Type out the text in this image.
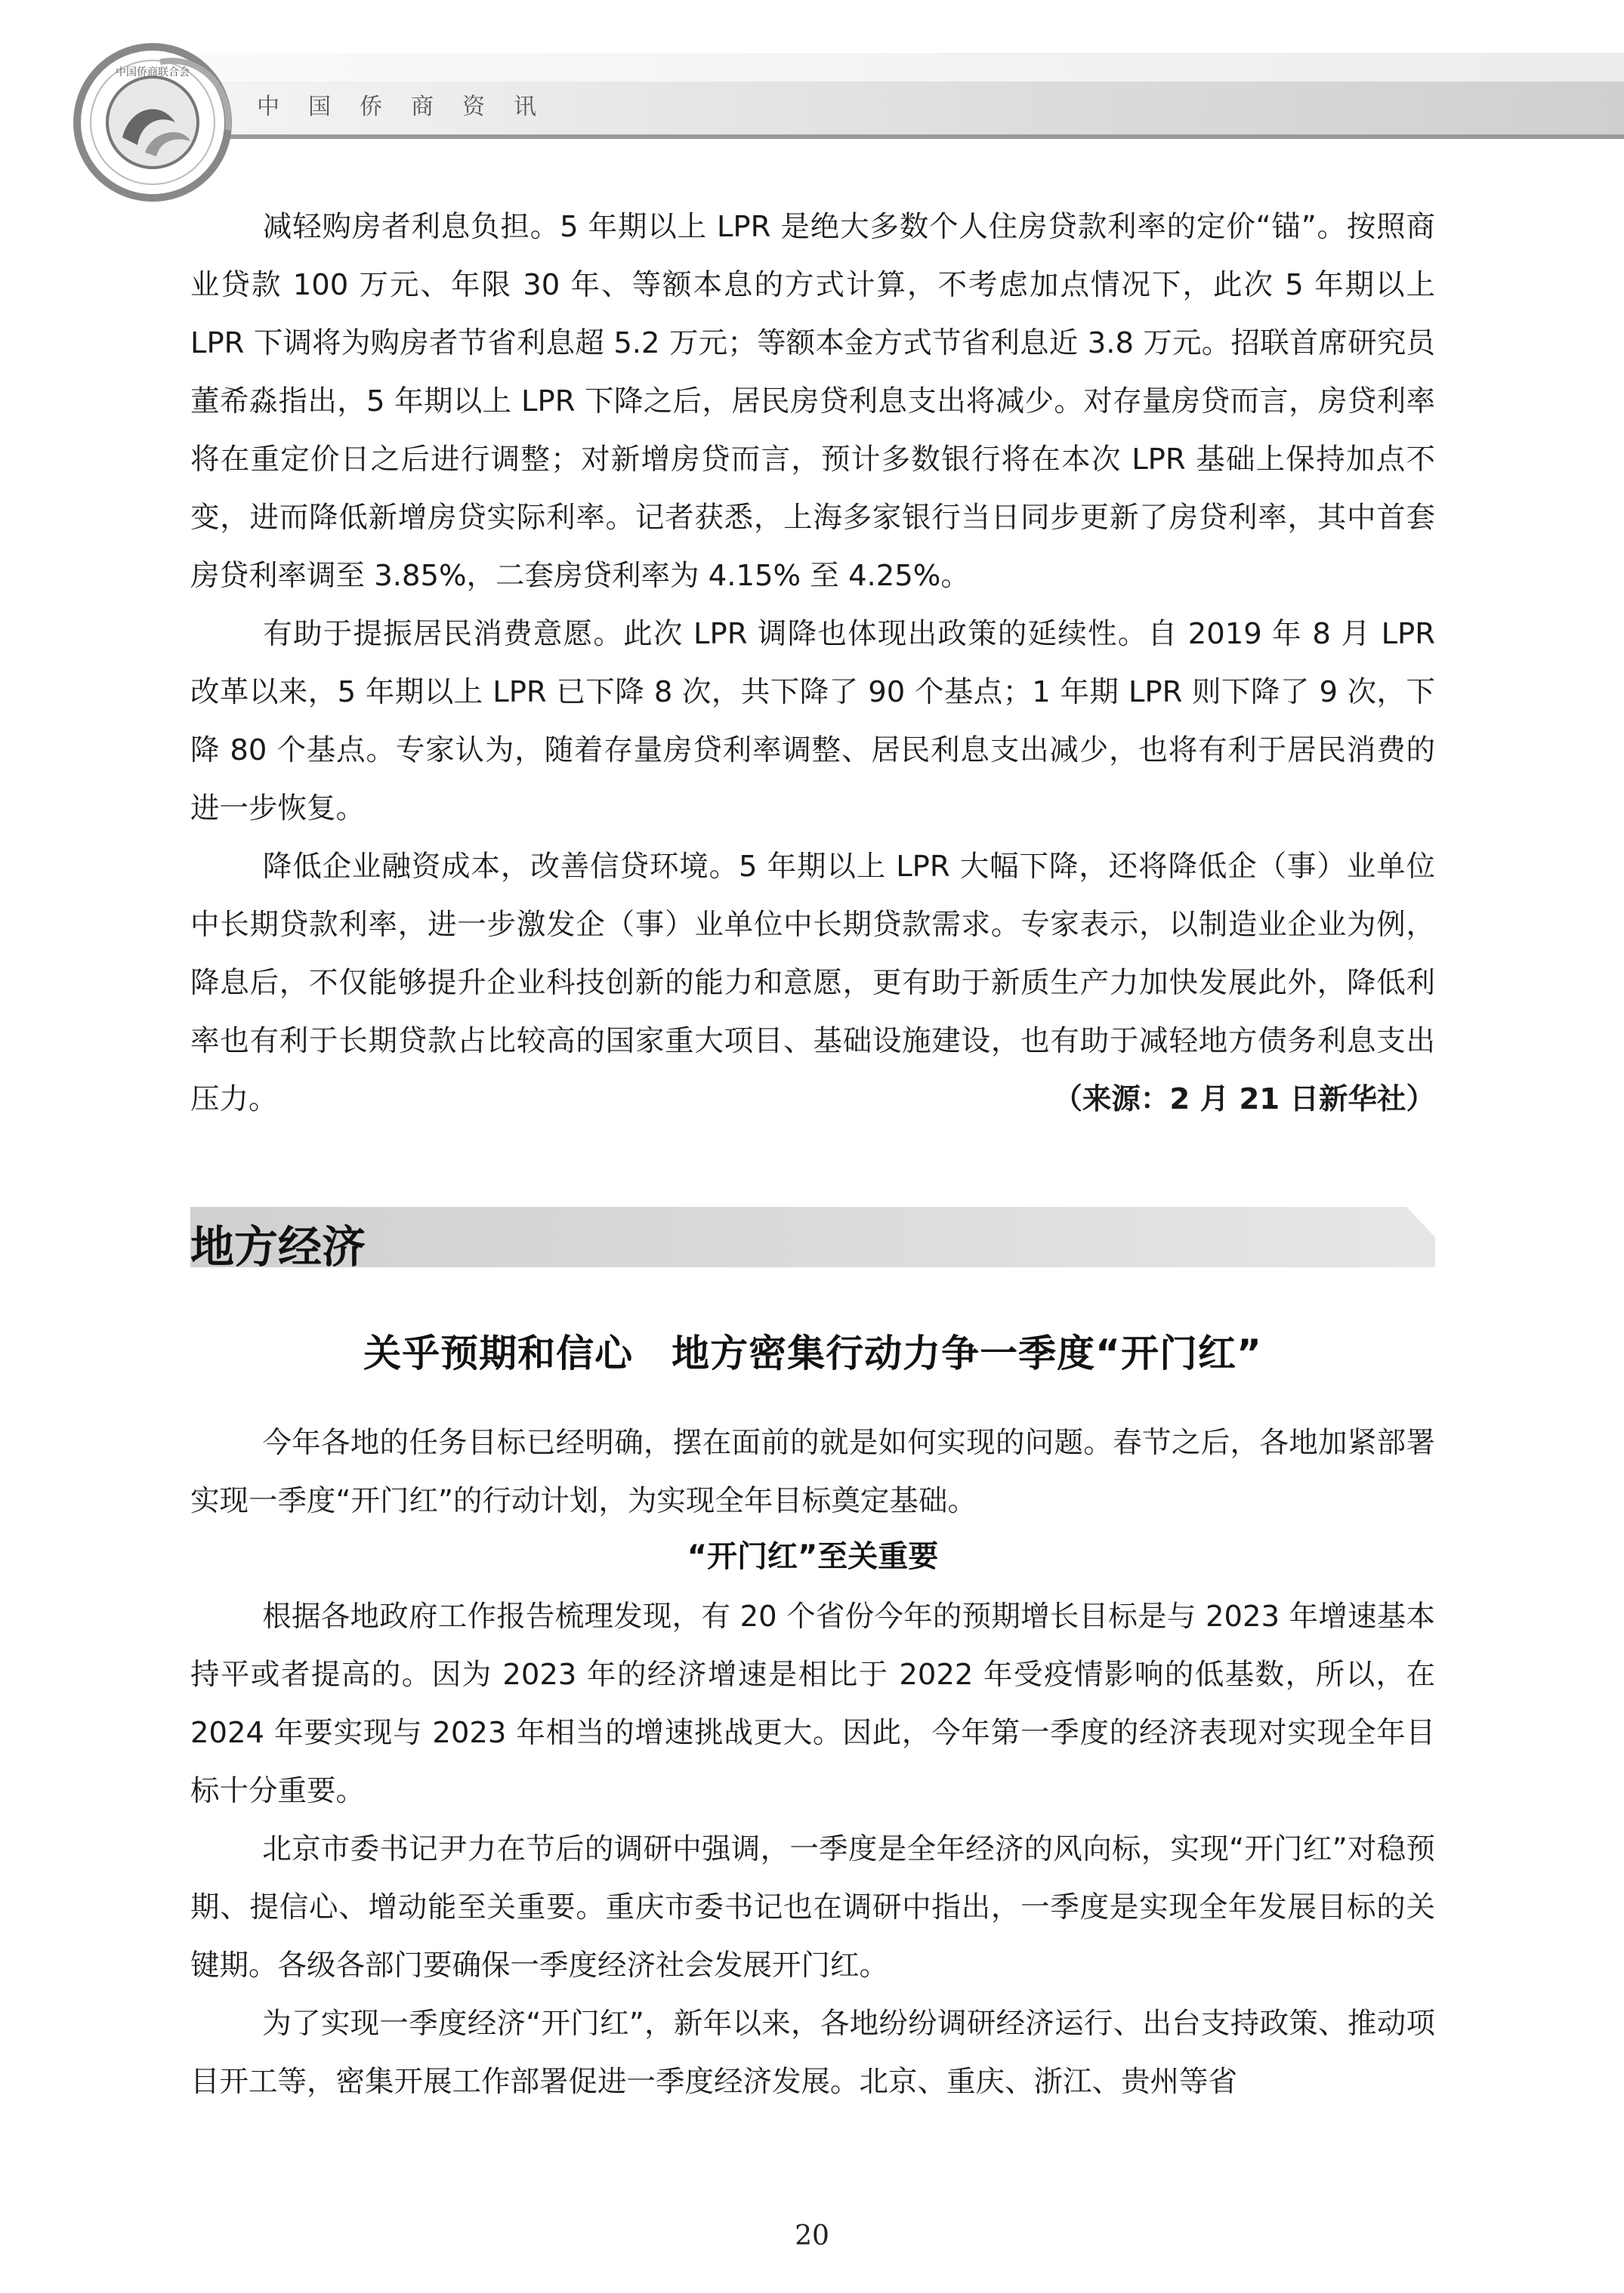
中国侨商资讯
中国侨商联合会

减轻购房者利息负担。5 年期以上 LPR 是绝大多数个人住房贷款利率的定价“锚”。按照商业贷款 100 万元、年限 30 年、等额本息的方式计算，不考虑加点情况下，此次 5 年期以上 LPR 下调将为购房者节省利息超 5.2 万元；等额本金方式节省利息近 3.8 万元。招联首席研究员董希淼指出，5 年期以上 LPR 下降之后，居民房贷利息支出将减少。对存量房贷而言，房贷利率将在重定价日之后进行调整；对新增房贷而言，预计多数银行将在本次 LPR 基础上保持加点不变，进而降低新增房贷实际利率。记者获悉，上海多家银行当日同步更新了房贷利率，其中首套房贷利率调至 3.85%，二套房贷利率为 4.15% 至 4.25%。

有助于提振居民消费意愿。此次 LPR 调降也体现出政策的延续性。自 2019 年 8 月 LPR 改革以来，5 年期以上 LPR 已下降 8 次，共下降了 90 个基点；1 年期 LPR 则下降了 9 次，下降 80 个基点。专家认为，随着存量房贷利率调整、居民利息支出减少，也将有利于居民消费的进一步恢复。

降低企业融资成本，改善信贷环境。5 年期以上 LPR 大幅下降，还将降低企（事）业单位中长期贷款利率，进一步激发企（事）业单位中长期贷款需求。专家表示，以制造业企业为例，降息后，不仅能够提升企业科技创新的能力和意愿，更有助于新质生产力加快发展此外，降低利率也有利于长期贷款占比较高的国家重大项目、基础设施建设，也有助于减轻地方债务利息支出压力。	（来源：2 月 21 日新华社）
地方经济
关乎预期和信心　地方密集行动力争一季度“开门红”

今年各地的任务目标已经明确，摆在面前的就是如何实现的问题。春节之后，各地加紧部署实现一季度“开门红”的行动计划，为实现全年目标奠定基础。

“开门红”至关重要

根据各地政府工作报告梳理发现，有 20 个省份今年的预期增长目标是与 2023 年增速基本持平或者提高的。因为 2023 年的经济增速是相比于 2022 年受疫情影响的低基数，所以，在 2024 年要实现与 2023 年相当的增速挑战更大。因此，今年第一季度的经济表现对实现全年目标十分重要。

北京市委书记尹力在节后的调研中强调，一季度是全年经济的风向标，实现“开门红”对稳预期、提信心、增动能至关重要。重庆市委书记也在调研中指出，一季度是实现全年发展目标的关键期。各级各部门要确保一季度经济社会发展开门红。

为了实现一季度经济“开门红”，新年以来，各地纷纷调研经济运行、出台支持政策、推动项目开工等，密集开展工作部署促进一季度经济发展。北京、重庆、浙江、贵州等省

20
